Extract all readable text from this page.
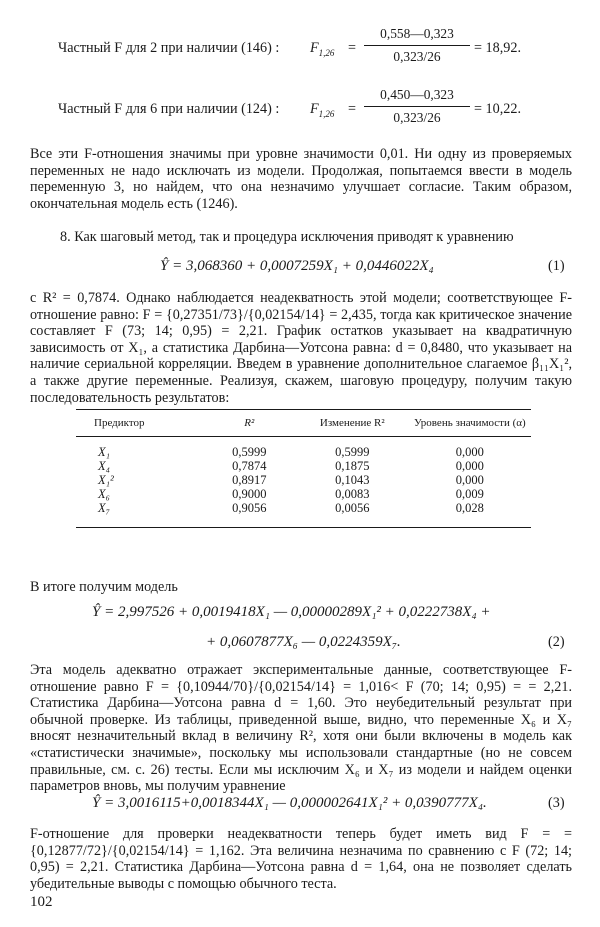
Частный F для 2 при наличии (146) : $F_{1,26}$ =
0,558—0,323
0,323/26
= 18,92.
Частный F для 6 при наличии (124) : $F_{1,26}$ =
0,450—0,323
0,323/26
= 10,22.

Все эти F-отношения значимы при уровне значимости 0,01. Ни одну из проверяемых переменных не надо исключать из модели. Продолжая, попытаемся ввести в модель переменную 3, но найдем, что она незначимо улучшает согласие. Таким образом, окончательная модель есть (1246).

8. Как шаговый метод, так и процедура исключения приводят к уравнению

Ŷ = 3,068360 + 0,0007259X₁ + 0,0446022X₄	(1)

с R² = 0,7874. Однако наблюдается неадекватность этой модели; соответствующее F-отношение равно: F = {0,27351/73}/{0,02154/14} = 2,435, тогда как критическое значение составляет F (73; 14; 0,95) = 2,21. График остатков указывает на квадратичную зависимость от X₁, а статистика Дарбина—Уотсона равна: d = 0,8480, что указывает на наличие сериальной корреляции. Введем в уравнение дополнительное слагаемое β₁₁X₁², а также другие переменные. Реализуя, скажем, шаговую процедуру, получим такую последовательность результатов:

Предиктор	R²	Изменение R²	Уровень значимости (α)
X₁	0,5999	0,5999	0,000
X₄	0,7874	0,1875	0,000
X₁²	0,8917	0,1043	0,000
X₆	0,9000	0,0083	0,009
X₇	0,9056	0,0056	0,028

В итоге получим модель

Ŷ = 2,997526 + 0,0019418X₁ — 0,00000289X₁² + 0,0222738X₄ +
+ 0,0607877X₆ — 0,0224359X₇.	(2)

Эта модель адекватно отражает экспериментальные данные, соответствующее F-отношение равно F = {0,10944/70}/{0,02154/14} = 1,016< F (70; 14; 0,95) = = 2,21. Статистика Дарбина—Уотсона равна d = 1,60. Это неубедительный результат при обычной проверке. Из таблицы, приведенной выше, видно, что переменные X₆ и X₇ вносят незначительный вклад в величину R², хотя они были включены в модель как «статистически значимые», поскольку мы использовали стандартные (но не совсем правильные, см. с. 26) тесты. Если мы исключим X₆ и X₇ из модели и найдем оценки параметров вновь, мы получим уравнение

Ŷ = 3,0016115+0,0018344X₁ — 0,000002641X₁² + 0,0390777X₄.	(3)

F-отношение для проверки неадекватности теперь будет иметь вид F = = {0,12877/72}/{0,02154/14} = 1,162. Эта величина незначима по сравнению с F (72; 14; 0,95) = 2,21. Статистика Дарбина—Уотсона равна d = 1,64, она не позволяет сделать убедительные выводы с помощью обычного теста.

102
